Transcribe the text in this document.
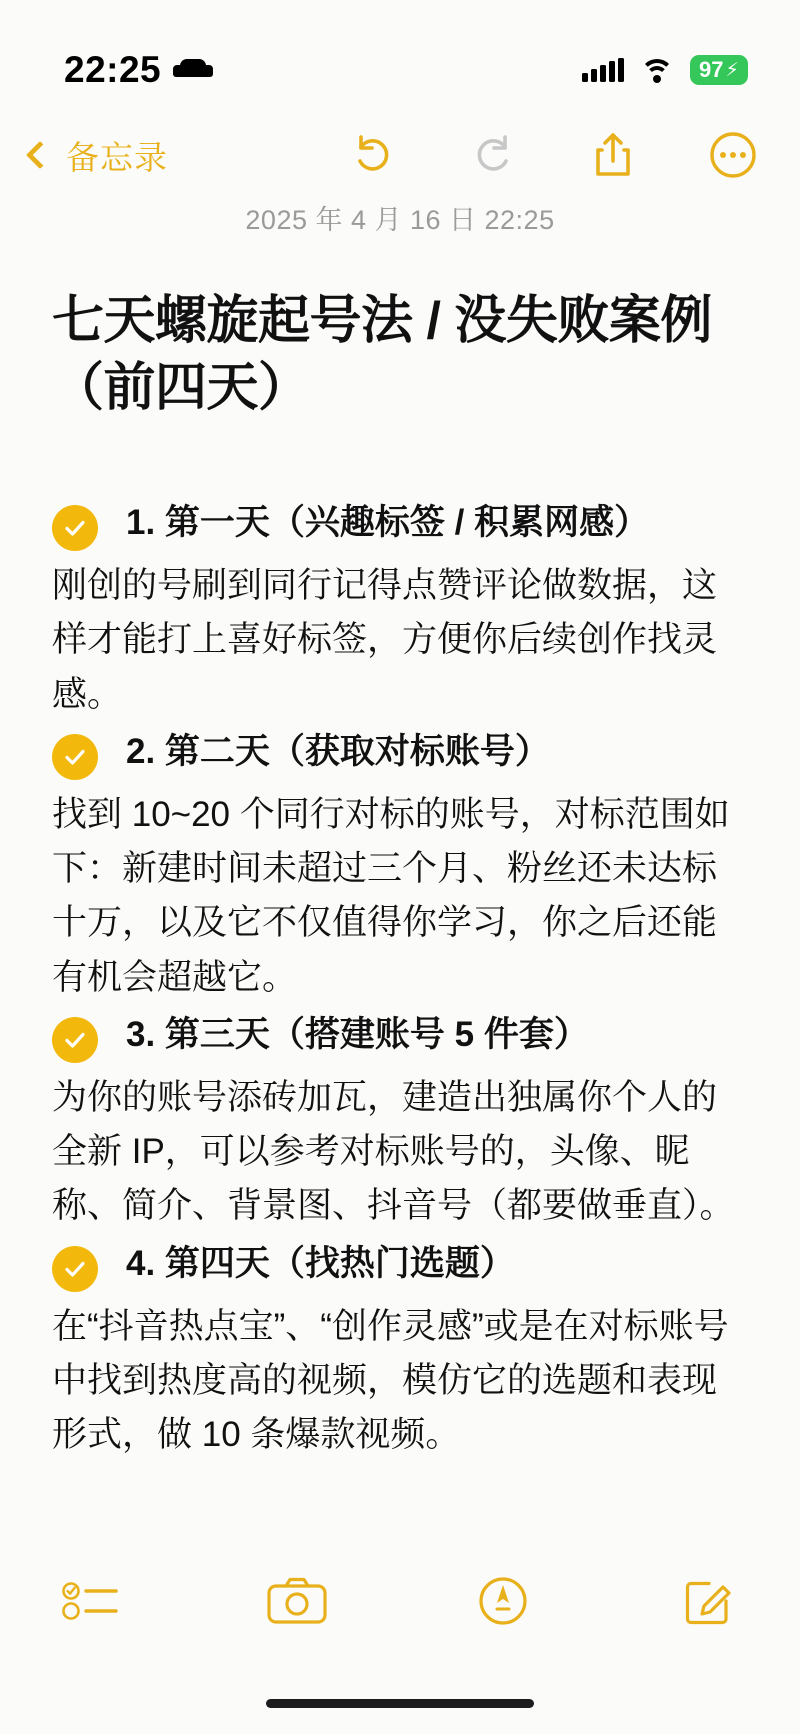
22:25	97 ⚡
备忘录
2025 年 4 月 16 日 22:25
七天螺旋起号法 / 没失败案例（前四天）
1. 第一天（兴趣标签 / 积累网感）
刚创的号刷到同行记得点赞评论做数据，这样才能打上喜好标签，方便你后续创作找灵感。
2. 第二天（获取对标账号）
找到 10~20 个同行对标的账号，对标范围如下：新建时间未超过三个月、粉丝还未达标十万，以及它不仅值得你学习，你之后还能有机会超越它。
3. 第三天（搭建账号 5 件套）
为你的账号添砖加瓦，建造出独属你个人的全新 IP，可以参考对标账号的，头像、昵称、简介、背景图、抖音号（都要做垂直）。
4. 第四天（找热门选题）
在“抖音热点宝”、“创作灵感”或是在对标账号中找到热度高的视频，模仿它的选题和表现形式，做 10 条爆款视频。
